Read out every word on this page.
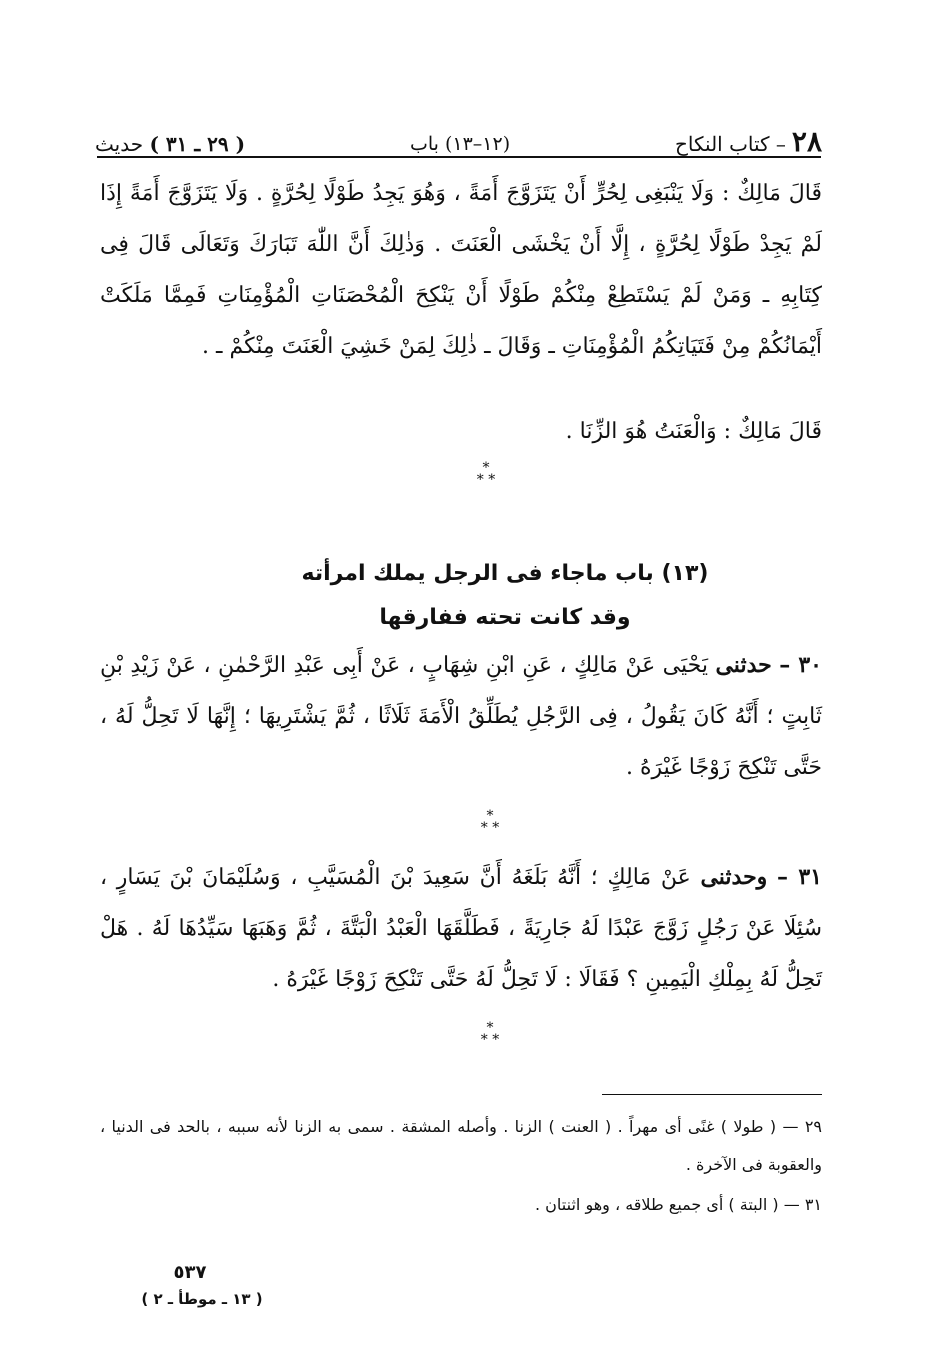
٢٨
– كتاب النكاح
(١٢–١٣) باب
( ٢٩ ـ ٣١ ) حديث
قَالَ مَالِكٌ : وَلَا يَنْبَغِى لِحُرٍّ أَنْ يَتَزَوَّجَ أَمَةً ، وَهُوَ يَجِدُ طَوْلًا لِحُرَّةٍ . وَلَا يَتَزَوَّجَ أَمَةً إِذَا لَمْ يَجِدْ طَوْلًا لِحُرَّةٍ ، إِلَّا أَنْ يَخْشَى الْعَنَتَ . وَذٰلِكَ أَنَّ اللّٰهَ تَبَارَكَ وَتَعَالَى قَالَ فِى كِتَابِهِ ـ وَمَنْ لَمْ يَسْتَطِعْ مِنْكُمْ طَوْلًا أَنْ يَنْكِحَ الْمُحْصَنَاتِ الْمُؤْمِنَاتِ فَمِمَّا مَلَكَتْ أَيْمَانُكُمْ مِنْ فَتَيَاتِكُمُ الْمُؤْمِنَاتِ ـ وَقَالَ ـ ذٰلِكَ لِمَنْ خَشِيَ الْعَنَتَ مِنْكُمْ ـ .
قَالَ مَالِكٌ : وَالْعَنَتُ هُوَ الزِّنَا .
*
* *
(١٣) باب ماجاء فى الرجل يملك امرأته وقد كانت تحته ففارقها
٣٠ – حدثنى يَحْيَى عَنْ مَالِكٍ ، عَنِ ابْنِ شِهَابٍ ، عَنْ أَبِى عَبْدِ الرَّحْمٰنِ ، عَنْ زَيْدِ بْنِ ثَابِتٍ ؛ أَنَّهُ كَانَ يَقُولُ ، فِى الرَّجُلِ يُطَلِّقُ الْأَمَةَ ثَلَاثًا ، ثُمَّ يَشْتَرِيهَا ؛ إِنَّهَا لَا تَحِلُّ لَهُ ، حَتَّى تَنْكِحَ زَوْجًا غَيْرَهُ .
*
* *
٣١ – وحدثنى عَنْ مَالِكٍ ؛ أَنَّهُ بَلَغَهُ أَنَّ سَعِيدَ بْنَ الْمُسَيَّبِ ، وَسُلَيْمَانَ بْنَ يَسَارٍ ، سُئِلَا عَنْ رَجُلٍ زَوَّجَ عَبْدًا لَهُ جَارِيَةً ، فَطَلَّقَهَا الْعَبْدُ الْبَتَّةَ ، ثُمَّ وَهَبَهَا سَيِّدُهَا لَهُ . هَلْ تَحِلُّ لَهُ بِمِلْكِ الْيَمِينِ ؟ فَقَالَا : لَا تَحِلُّ لَهُ حَتَّى تَنْكِحَ زَوْجًا غَيْرَهُ .
*
* *
٢٩ — ( طولا ) غنًى أى مهراً . ( العنت ) الزنا . وأصله المشقة . سمى به الزنا لأنه سببه ، بالحد فى الدنيا ، والعقوبة فى الآخرة .
٣١ — ( البتة ) أى جميع طلاقه ، وهو اثنتان .
٥٣٧
( ١٣ ـ موطأ ـ ٢ )
